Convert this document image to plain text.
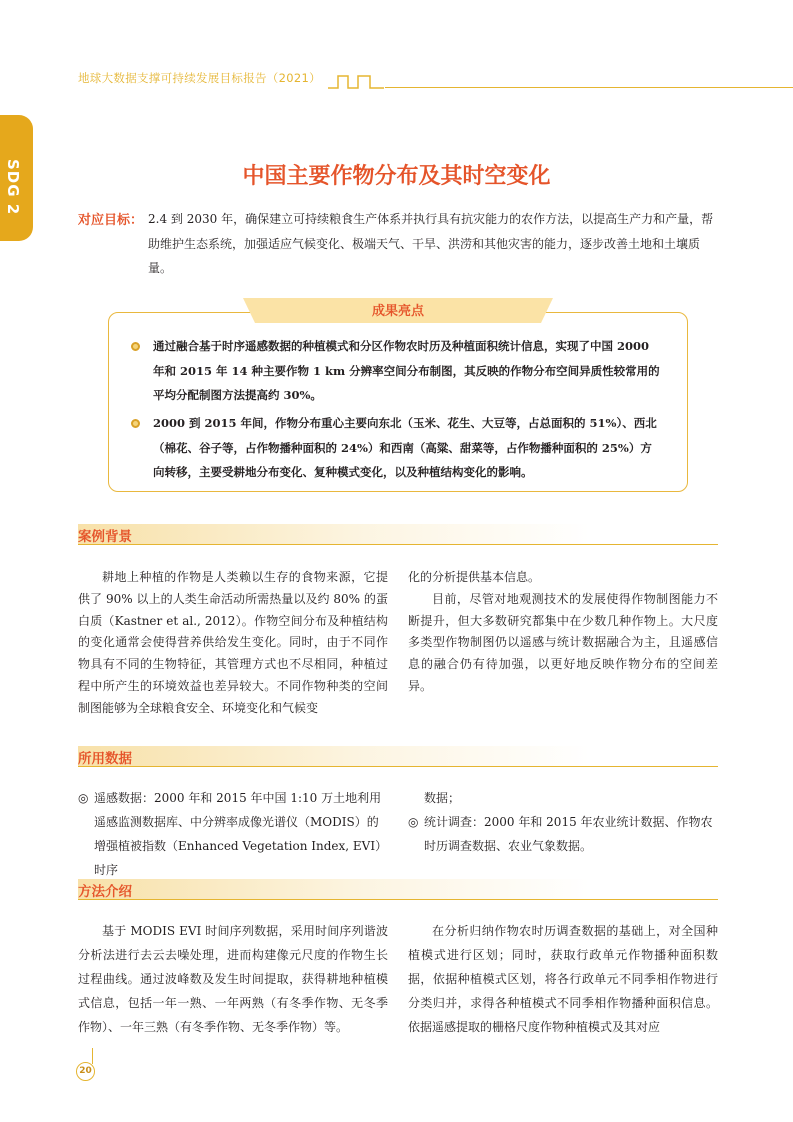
地球大数据支撑可持续发展目标报告（2021）
SDG 2	中国主要作物分布及其时空变化
对应目标： 2.4 到 2030 年，确保建立可持续粮食生产体系并执行具有抗灾能力的农作方法，以提高生产力和产量，帮助维护生态系统，加强适应气候变化、极端天气、干旱、洪涝和其他灾害的能力，逐步改善土地和土壤质量。
成果亮点
通过融合基于时序遥感数据的种植模式和分区作物农时历及种植面积统计信息，实现了中国 2000 年和 2015 年 14 种主要作物 1 km 分辨率空间分布制图，其反映的作物分布空间异质性较常用的平均分配制图方法提高约 30%。
2000 到 2015 年间，作物分布重心主要向东北（玉米、花生、大豆等，占总面积的 51%）、西北（棉花、谷子等，占作物播种面积的 24%）和西南（高粱、甜菜等，占作物播种面积的 25%）方向转移，主要受耕地分布变化、复种模式变化，以及种植结构变化的影响。
案例背景

耕地上种植的作物是人类赖以生存的食物来源，它提供了 90% 以上的人类生命活动所需热量以及约 80% 的蛋白质（Kastner et al., 2012）。作物空间分布及种植结构的变化通常会使得营养供给发生变化。同时，由于不同作物具有不同的生物特征，其管理方式也不尽相同，种植过程中所产生的环境效益也差异较大。不同作物种类的空间制图能够为全球粮食安全、环境变化和气候变

化的分析提供基本信息。

目前，尽管对地观测技术的发展使得作物制图能力不断提升，但大多数研究都集中在少数几种作物上。大尺度多类型作物制图仍以遥感与统计数据融合为主，且遥感信息的融合仍有待加强，以更好地反映作物分布的空间差异。

所用数据
◎ 遥感数据：2000 年和 2015 年中国 1:10 万土地利用遥感监测数据库、中分辨率成像光谱仪（MODIS）的增强植被指数（Enhanced Vegetation Index, EVI）时序
数据；
◎ 统计调查：2000 年和 2015 年农业统计数据、作物农时历调查数据、农业气象数据。
方法介绍

基于 MODIS EVI 时间序列数据，采用时间序列谐波分析法进行去云去噪处理，进而构建像元尺度的作物生长过程曲线。通过波峰数及发生时间提取，获得耕地种植模式信息，包括一年一熟、一年两熟（有冬季作物、无冬季作物）、一年三熟（有冬季作物、无冬季作物）等。

在分析归纳作物农时历调查数据的基础上，对全国种植模式进行区划；同时，获取行政单元作物播种面积数据，依据种植模式区划，将各行政单元不同季相作物进行分类归并，求得各种植模式不同季相作物播种面积信息。依据遥感提取的栅格尺度作物种植模式及其对应

20
